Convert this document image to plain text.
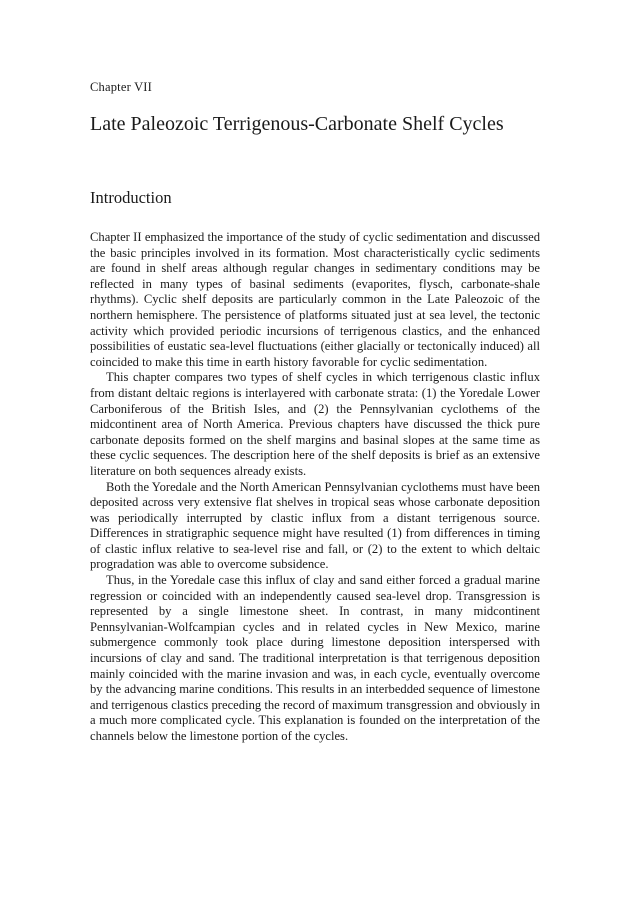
Chapter VII
Late Paleozoic Terrigenous-Carbonate Shelf Cycles
Introduction

Chapter II emphasized the importance of the study of cyclic sedimentation and discussed the basic principles involved in its formation. Most characteristically cyclic sediments are found in shelf areas although regular changes in sedimentary conditions may be reflected in many types of basinal sediments (evaporites, flysch, carbonate-shale rhythms). Cyclic shelf deposits are particularly common in the Late Paleozoic of the northern hemisphere. The persistence of platforms situated just at sea level, the tectonic activity which provided periodic incursions of terrigenous clastics, and the enhanced possibilities of eustatic sea-level fluctuations (either glacially or tectonically induced) all coincided to make this time in earth history favorable for cyclic sedimentation.

This chapter compares two types of shelf cycles in which terrigenous clastic influx from distant deltaic regions is interlayered with carbonate strata: (1) the Yoredale Lower Carboniferous of the British Isles, and (2) the Pennsylvanian cyclothems of the midcontinent area of North America. Previous chapters have discussed the thick pure carbonate deposits formed on the shelf margins and basinal slopes at the same time as these cyclic sequences. The description here of the shelf deposits is brief as an extensive literature on both sequences already exists.

Both the Yoredale and the North American Pennsylvanian cyclothems must have been deposited across very extensive flat shelves in tropical seas whose carbonate deposition was periodically interrupted by clastic influx from a distant terrigenous source. Differences in stratigraphic sequence might have resulted (1) from differences in timing of clastic influx relative to sea-level rise and fall, or (2) to the extent to which deltaic progradation was able to overcome subsidence.

Thus, in the Yoredale case this influx of clay and sand either forced a gradual marine regression or coincided with an independently caused sea-level drop. Transgression is represented by a single limestone sheet. In contrast, in many midcontinent Pennsylvanian-Wolfcampian cycles and in related cycles in New Mexico, marine submergence commonly took place during limestone deposition interspersed with incursions of clay and sand. The traditional interpretation is that terrigenous deposition mainly coincided with the marine invasion and was, in each cycle, eventually overcome by the advancing marine conditions. This results in an interbedded sequence of limestone and terrigenous clastics preceding the record of maximum transgression and obviously in a much more complicated cycle. This explanation is founded on the interpretation of the channels below the limestone portion of the cycles.
